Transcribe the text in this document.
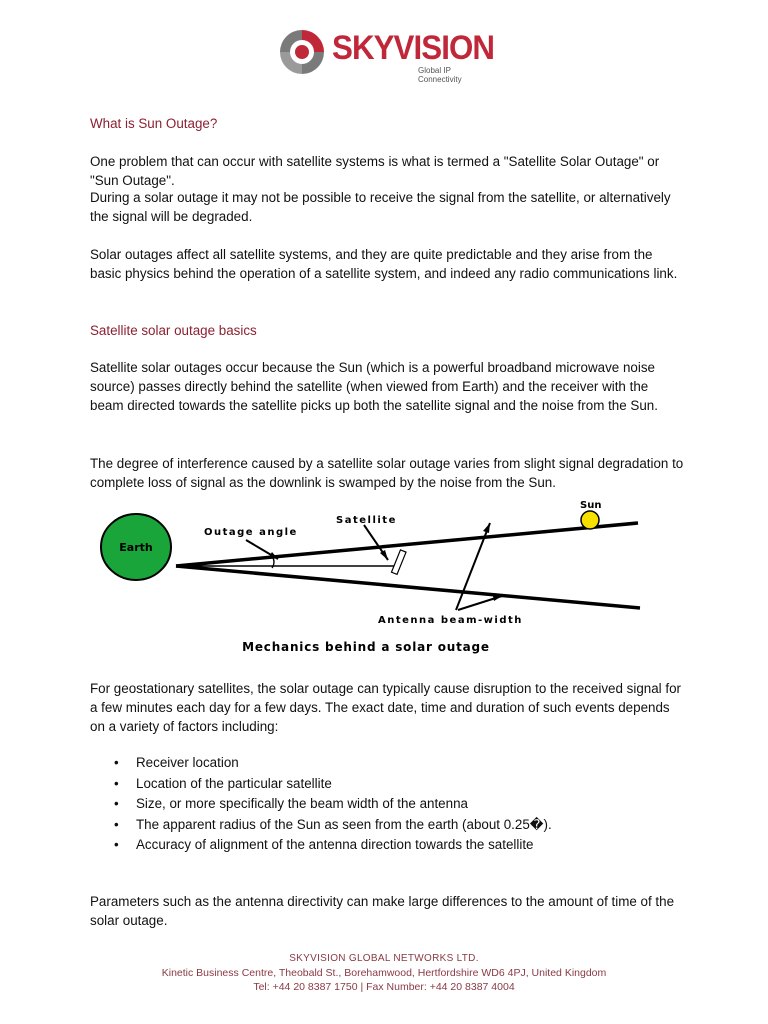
SKYVISION
Global IP Connectivity
What is Sun Outage?

One problem that can occur with satellite systems is what is termed a "Satellite Solar Outage" or "Sun Outage".

During a solar outage it may not be possible to receive the signal from the satellite, or alternatively the signal will be degraded.

Solar outages affect all satellite systems, and they are quite predictable and they arise from the basic physics behind the operation of a satellite system, and indeed any radio communications link.

Satellite solar outage basics

Satellite solar outages occur because the Sun (which is a powerful broadband microwave noise source) passes directly behind the satellite (when viewed from Earth) and the receiver with the beam directed towards the satellite picks up both the satellite signal and the noise from the Sun.

The degree of interference caused by a satellite solar outage varies from slight signal degradation to complete loss of signal as the downlink is swamped by the noise from the Sun.

For geostationary satellites, the solar outage can typically cause disruption to the received signal for a few minutes each day for a few days. The exact date, time and duration of such events depends on a variety of factors including:

Parameters such as the antenna directivity can make large differences to the amount of time of the solar outage.

Earth
Sun
Satellite
Outage angle
Antenna beam-width
Mechanics behind a solar outage
• Receiver location
• Location of the particular satellite
• Size, or more specifically the beam width of the antenna
• The apparent radius of the Sun as seen from the earth (about 0.25�).
• Accuracy of alignment of the antenna direction towards the satellite
SKYVISION GLOBAL NETWORKS LTD.
Kinetic Business Centre, Theobald St., Borehamwood, Hertfordshire WD6 4PJ, United Kingdom
Tel: +44 20 8387 1750 | Fax Number: +44 20 8387 4004
